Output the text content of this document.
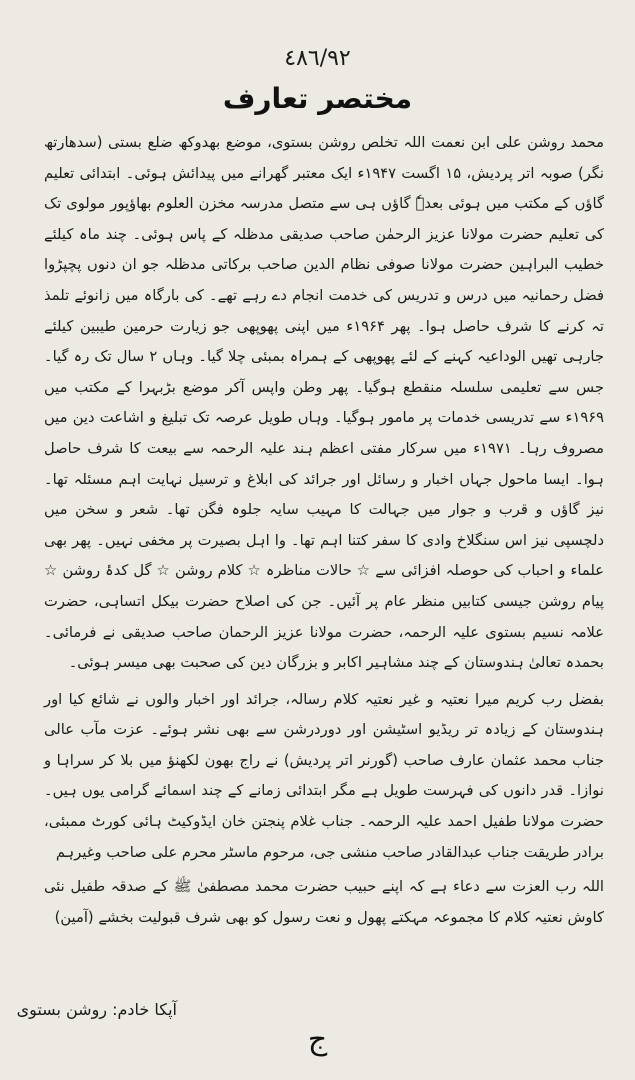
٤٨٦/٩٢
مختصر تعارف

محمد روشن علی ابن نعمت اللہ تخلص روشن بستوی، موضع بھدوکھ ضلع بستی (سدھارتھ نگر) صوبہ اتر پردیش، ۱۵ اگست ۱۹۴۷ء ایک معتبر گھرانے میں پیدائش ہوئی۔ ابتدائی تعلیم گاؤں کے مکتب میں ہوئی بعدہٗ گاؤں ہی سے متصل مدرسہ مخزن العلوم بھاؤپور مولوی تک کی تعلیم حضرت مولانا عزیز الرحمٰن صاحب صدیقی مدظلہ کے پاس ہوئی۔ چند ماہ کیلئے خطیب البراہین حضرت مولانا صوفی نظام الدین صاحب برکاتی مدظلہ جو ان دنوں پچپڑوا فضل رحمانیہ میں درس و تدریس کی خدمت انجام دے رہے تھے۔ کی بارگاہ میں زانوئے تلمذ تہ کرنے کا شرف حاصل ہوا۔ پھر ۱۹۶۴ء میں اپنی پھوپھی جو زیارت حرمین طیبین کیلئے جارہی تھیں الوداعیہ کہنے کے لئے پھوپھی کے ہمراہ بمبئی چلا گیا۔ وہاں ۲ سال تک رہ گیا۔ جس سے تعلیمی سلسلہ منقطع ہوگیا۔ پھر وطن واپس آکر موضع بڑبہرا کے مکتب میں ۱۹۶۹ء سے تدریسی خدمات پر مامور ہوگیا۔ وہاں طویل عرصہ تک تبلیغ و اشاعت دین میں مصروف رہا۔ ۱۹۷۱ء میں سرکار مفتی اعظم ہند علیہ الرحمہ سے بیعت کا شرف حاصل ہوا۔ ایسا ماحول جہاں اخبار و رسائل اور جرائد کی ابلاغ و ترسیل نہایت اہم مسئلہ تھا۔ نیز گاؤں و قرب و جوار میں جہالت کا مہیب سایہ جلوہ فگن تھا۔ شعر و سخن میں دلچسپی نیز اس سنگلاخ وادی کا سفر کتنا اہم تھا۔ وا اہل بصیرت پر مخفی نہیں۔ پھر بھی علماء و احباب کی حوصلہ افزائی سے ☆ حالات مناظرہ ☆ کلام روشن ☆ گل کدۂ روشن ☆ پیام روشن جیسی کتابیں منظر عام پر آئیں۔ جن کی اصلاح حضرت بیکل اتساہی، حضرت علامہ نسیم بستوی علیہ الرحمہ، حضرت مولانا عزیز الرحمان صاحب صدیقی نے فرمائی۔ بحمدہ تعالیٰ ہندوستان کے چند مشاہیر اکابر و بزرگان دین کی صحبت بھی میسر ہوئی۔

بفضل رب کریم میرا نعتیہ و غیر نعتیہ کلام رسالہ، جرائد اور اخبار والوں نے شائع کیا اور ہندوستان کے زیادہ تر ریڈیو اسٹیشن اور دوردرشن سے بھی نشر ہوئے۔ عزت مآب عالی جناب محمد عثمان عارف صاحب (گورنر اتر پردیش) نے راج بھون لکھنؤ میں بلا کر سراہا و نوازا۔ قدر دانوں کی فہرست طویل ہے مگر ابتدائی زمانے کے چند اسمائے گرامی یوں ہیں۔ حضرت مولانا طفیل احمد علیہ الرحمہ۔ جناب غلام پنجتن خان ایڈوکیٹ ہائی کورٹ ممبئی، برادر طریقت جناب عبدالقادر صاحب منشی جی، مرحوم ماسٹر محرم علی صاحب وغیرہم

اللہ رب العزت سے دعاء ہے کہ اپنے حبیب حضرت محمد مصطفیٰ ﷺ کے صدقہ طفیل نئی کاوش نعتیہ کلام کا مجموعہ مہکتے پھول و نعت رسول کو بھی شرف قبولیت بخشے (آمین)

آپکا خادم: روشن بستوی
ج
